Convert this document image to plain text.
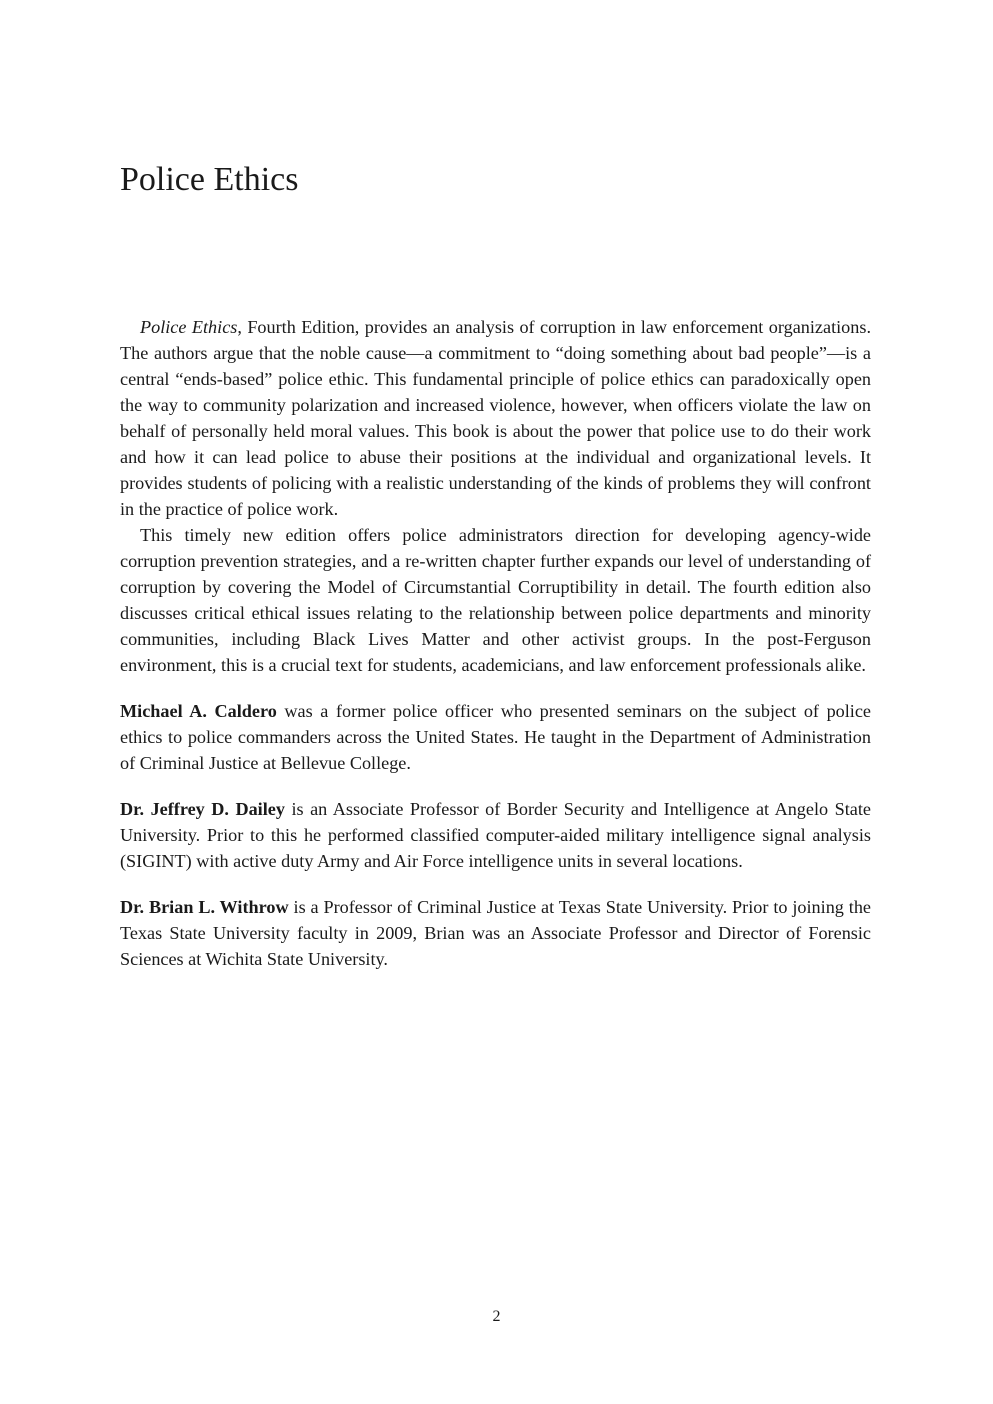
Police Ethics

Police Ethics, Fourth Edition, provides an analysis of corruption in law enforcement organizations. The authors argue that the noble cause—a commitment to “doing something about bad people”—is a central “ends-based” police ethic. This fundamental principle of police ethics can paradoxically open the way to community polarization and increased violence, however, when officers violate the law on behalf of personally held moral values. This book is about the power that police use to do their work and how it can lead police to abuse their positions at the individual and organizational levels. It provides students of policing with a realistic understanding of the kinds of problems they will confront in the practice of police work.

This timely new edition offers police administrators direction for developing agency-wide corruption prevention strategies, and a re-written chapter further expands our level of understanding of corruption by covering the Model of Circumstantial Corruptibility in detail. The fourth edition also discusses critical ethical issues relating to the relationship between police departments and minority communities, including Black Lives Matter and other activist groups. In the post-Ferguson environment, this is a crucial text for students, academicians, and law enforcement professionals alike.

Michael A. Caldero was a former police officer who presented seminars on the subject of police ethics to police commanders across the United States. He taught in the Department of Administration of Criminal Justice at Bellevue College.

Dr. Jeffrey D. Dailey is an Associate Professor of Border Security and Intelligence at Angelo State University. Prior to this he performed classified computer-aided military intelligence signal analysis (SIGINT) with active duty Army and Air Force intelligence units in several locations.

Dr. Brian L. Withrow is a Professor of Criminal Justice at Texas State University. Prior to joining the Texas State University faculty in 2009, Brian was an Associate Professor and Director of Forensic Sciences at Wichita State University.

2
